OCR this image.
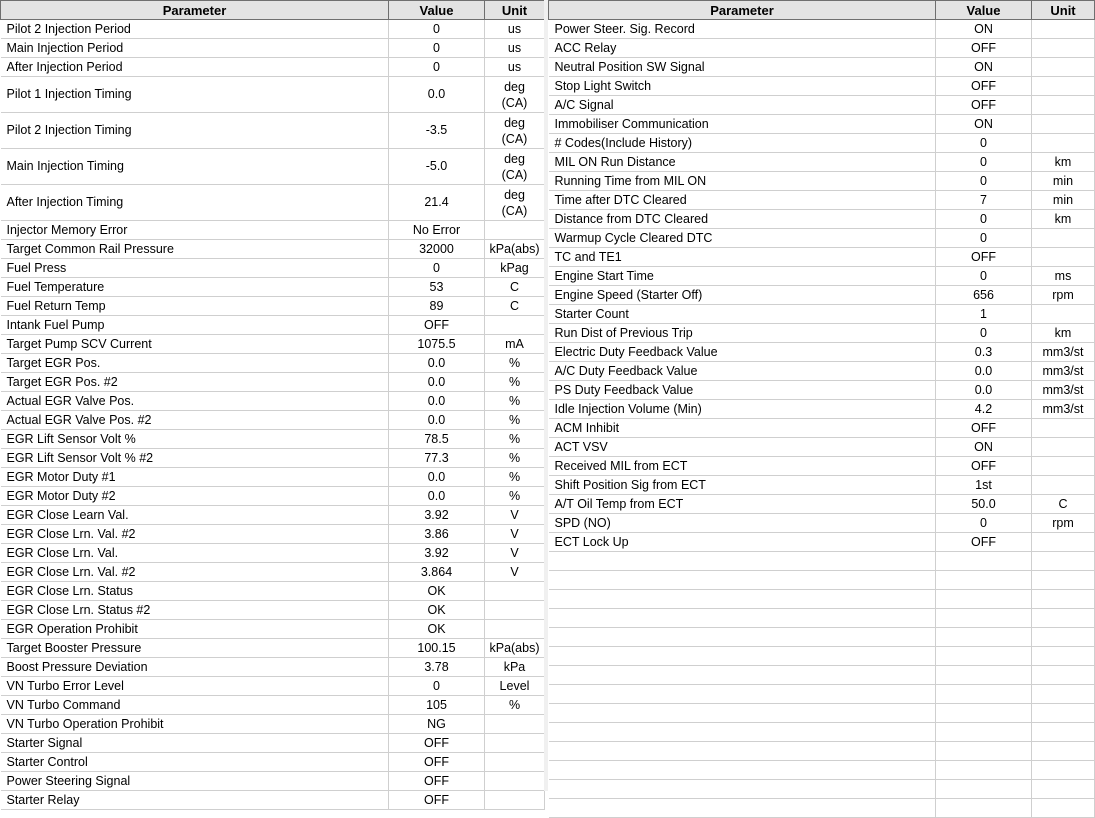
Parameter	Value	Unit
Pilot 2 Injection Period	0	us
Main Injection Period	0	us
After Injection Period	0	us
Pilot 1 Injection Timing	0.0	deg
(CA)

Pilot 2 Injection Timing	-3.5	deg
(CA)

Main Injection Timing	-5.0	deg
(CA)

After Injection Timing	21.4	deg
(CA)

Injector Memory Error	No Error	
Target Common Rail Pressure	32000	kPa(abs)
Fuel Press	0	kPag
Fuel Temperature	53	C
Fuel Return Temp	89	C
Intank Fuel Pump	OFF	
Target Pump SCV Current	1075.5	mA
Target EGR Pos.	0.0	%
Target EGR Pos. #2	0.0	%
Actual EGR Valve Pos.	0.0	%
Actual EGR Valve Pos. #2	0.0	%
EGR Lift Sensor Volt %	78.5	%
EGR Lift Sensor Volt % #2	77.3	%
EGR Motor Duty #1	0.0	%
EGR Motor Duty #2	0.0	%
EGR Close Learn Val.	3.92	V
EGR Close Lrn. Val. #2	3.86	V
EGR Close Lrn. Val.	3.92	V
EGR Close Lrn. Val. #2	3.864	V
EGR Close Lrn. Status	OK	
EGR Close Lrn. Status #2	OK	
EGR Operation Prohibit	OK	
Target Booster Pressure	100.15	kPa(abs)
Boost Pressure Deviation	3.78	kPa
VN Turbo Error Level	0	Level
VN Turbo Command	105	%
VN Turbo Operation Prohibit	NG	
Starter Signal	OFF	
Starter Control	OFF	
Power Steering Signal	OFF	
Starter Relay	OFF	
Parameter	Value	Unit
Power Steer. Sig. Record	ON	
ACC Relay	OFF	
Neutral Position SW Signal	ON	
Stop Light Switch	OFF	
A/C Signal	OFF	
Immobiliser Communication	ON	
# Codes(Include History)	0	
MIL ON Run Distance	0	km
Running Time from MIL ON	0	min
Time after DTC Cleared	7	min
Distance from DTC Cleared	0	km
Warmup Cycle Cleared DTC	0	
TC and TE1	OFF	
Engine Start Time	0	ms
Engine Speed (Starter Off)	656	rpm
Starter Count	1	
Run Dist of Previous Trip	0	km
Electric Duty Feedback Value	0.3	mm3/st
A/C Duty Feedback Value	0.0	mm3/st
PS Duty Feedback Value	0.0	mm3/st
Idle Injection Volume (Min)	4.2	mm3/st
ACM Inhibit	OFF	
ACT VSV	ON	
Received MIL from ECT	OFF	
Shift Position Sig from ECT	1st	
A/T Oil Temp from ECT	50.0	C
SPD (NO)	0	rpm
ECT Lock Up	OFF	
